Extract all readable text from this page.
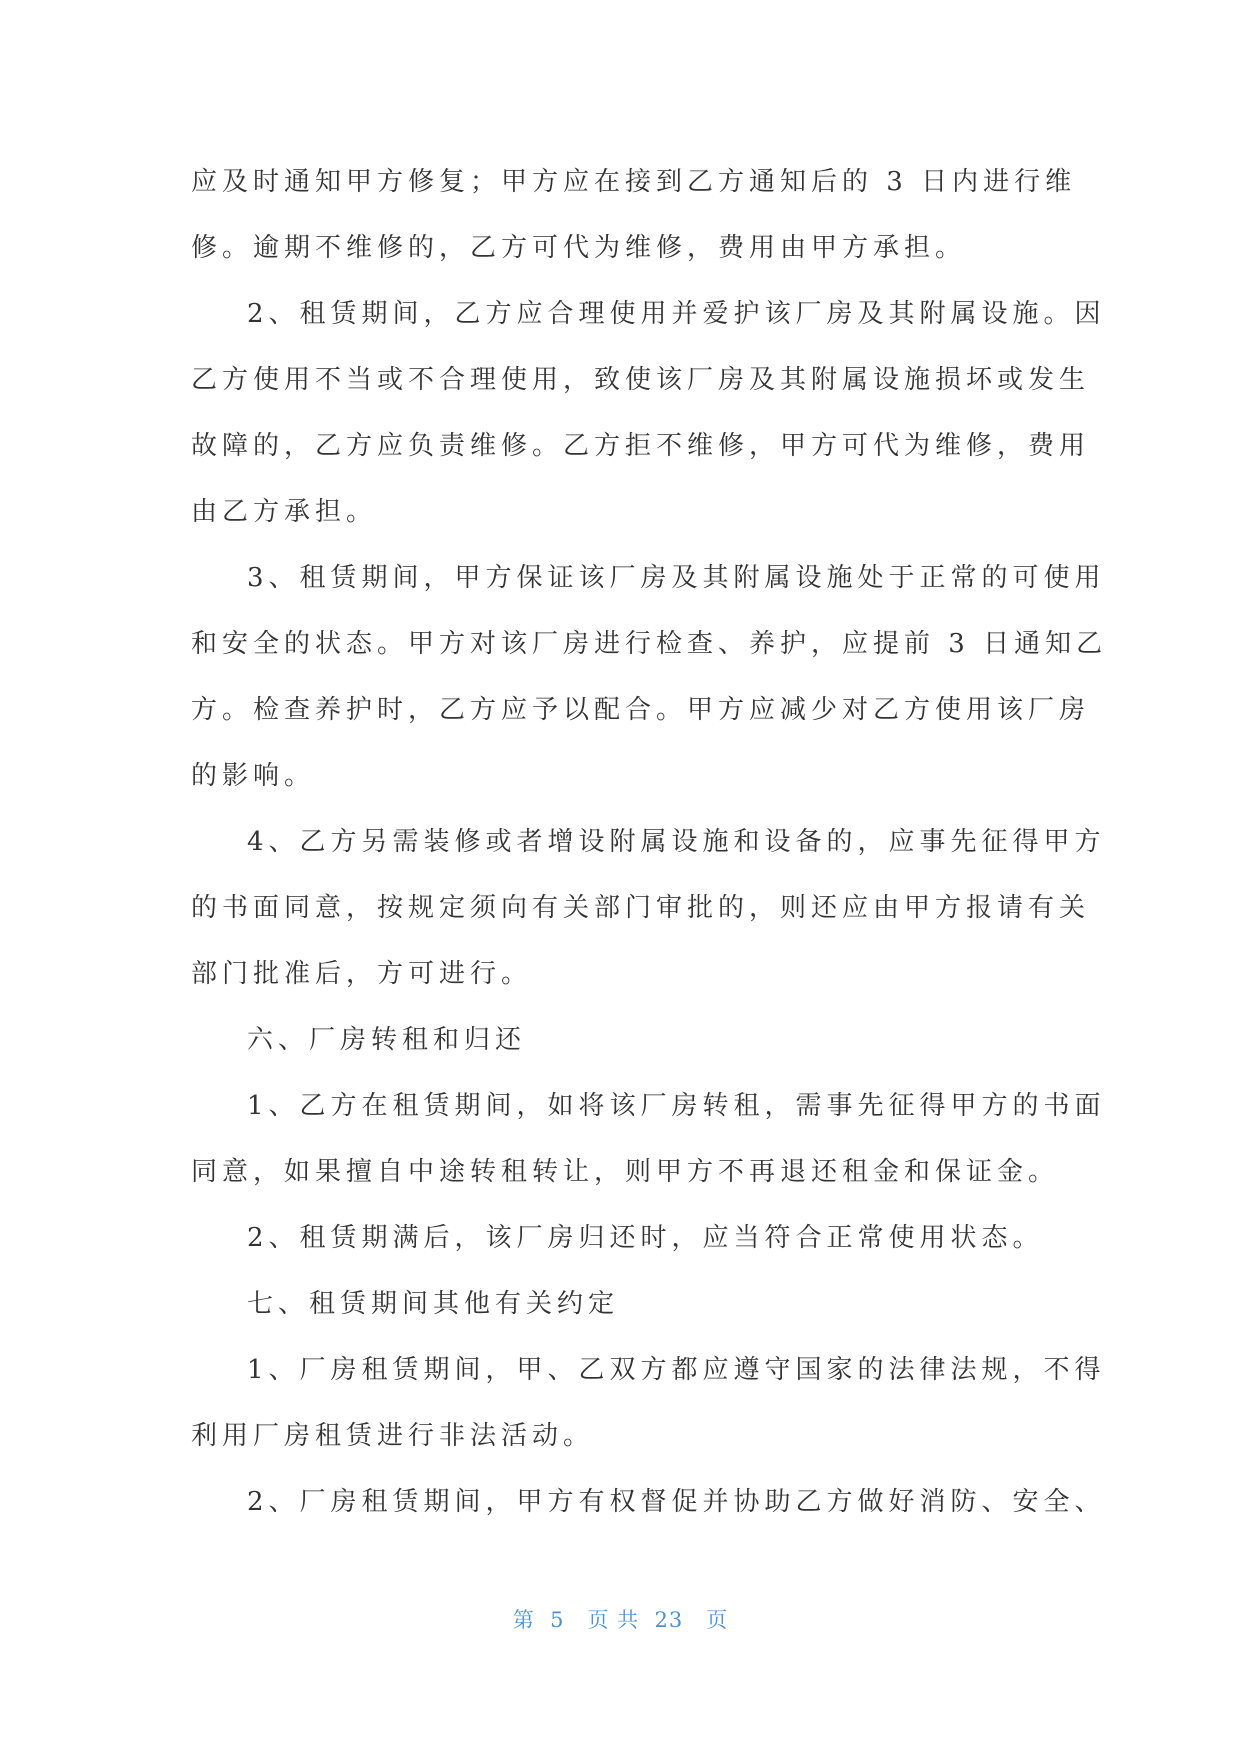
应及时通知甲方修复；甲方应在接到乙方通知后的 3 日内进行维
修。逾期不维修的，乙方可代为维修，费用由甲方承担。
2、租赁期间，乙方应合理使用并爱护该厂房及其附属设施。因
乙方使用不当或不合理使用，致使该厂房及其附属设施损坏或发生
故障的，乙方应负责维修。乙方拒不维修，甲方可代为维修，费用
由乙方承担。
3、租赁期间，甲方保证该厂房及其附属设施处于正常的可使用
和安全的状态。甲方对该厂房进行检查、养护，应提前 3 日通知乙
方。检查养护时，乙方应予以配合。甲方应减少对乙方使用该厂房
的影响。
4、乙方另需装修或者增设附属设施和设备的，应事先征得甲方
的书面同意，按规定须向有关部门审批的，则还应由甲方报请有关
部门批准后，方可进行。
六、厂房转租和归还
1、乙方在租赁期间，如将该厂房转租，需事先征得甲方的书面
同意，如果擅自中途转租转让，则甲方不再退还租金和保证金。
2、租赁期满后，该厂房归还时，应当符合正常使用状态。
七、租赁期间其他有关约定
1、厂房租赁期间，甲、乙双方都应遵守国家的法律法规，不得
利用厂房租赁进行非法活动。
2、厂房租赁期间，甲方有权督促并协助乙方做好消防、安全、
第  5   页 共  23   页
